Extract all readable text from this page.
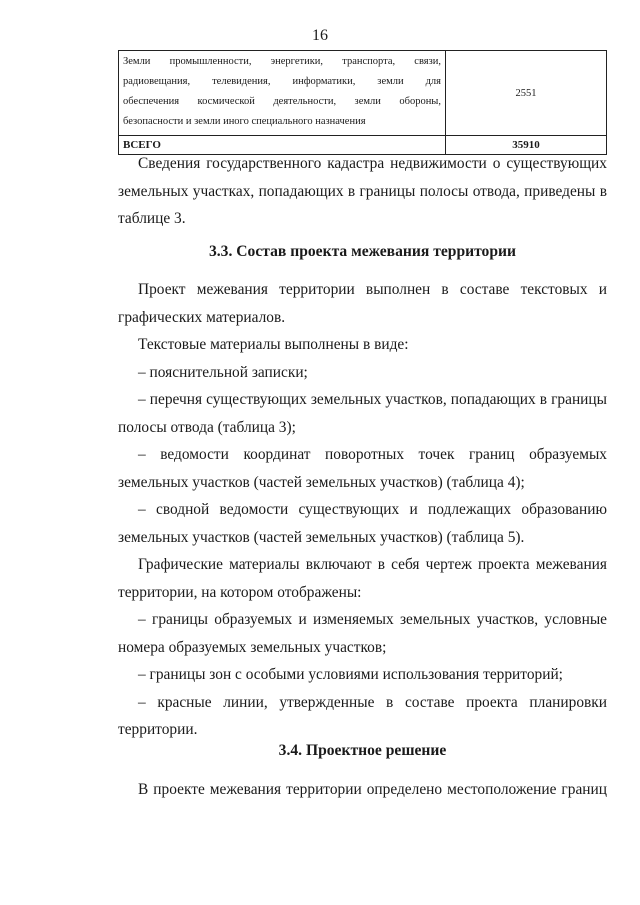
16
Земли промышленности, энергетики, транспорта, связи,
радиовещания, телевидения, информатики, земли для
обеспечения космической деятельности, земли обороны,
безопасности и земли иного специального назначения	2551
ВСЕГО	35910

Сведения государственного кадастра недвижимости о существующих
земельных участках, попадающих в границы полосы отвода, приведены в
таблице 3.

3.3. Состав проекта межевания территории

Проект межевания территории выполнен в составе текстовых и
графических материалов.
Текстовые материалы выполнены в виде:
– пояснительной записки;
– перечня существующих земельных участков, попадающих в границы
полосы отвода (таблица 3);
– ведомости координат поворотных точек границ образуемых
земельных участков (частей земельных участков) (таблица 4);
– сводной ведомости существующих и подлежащих образованию
земельных участков (частей земельных участков) (таблица 5).
Графические материалы включают в себя чертеж проекта межевания
территории, на котором отображены:
– границы образуемых и изменяемых земельных участков, условные
номера образуемых земельных участков;
– границы зон с особыми условиями использования территорий;
– красные линии, утвержденные в составе проекта планировки
территории.

3.4. Проектное решение

В проекте межевания территории определено местоположение границ
